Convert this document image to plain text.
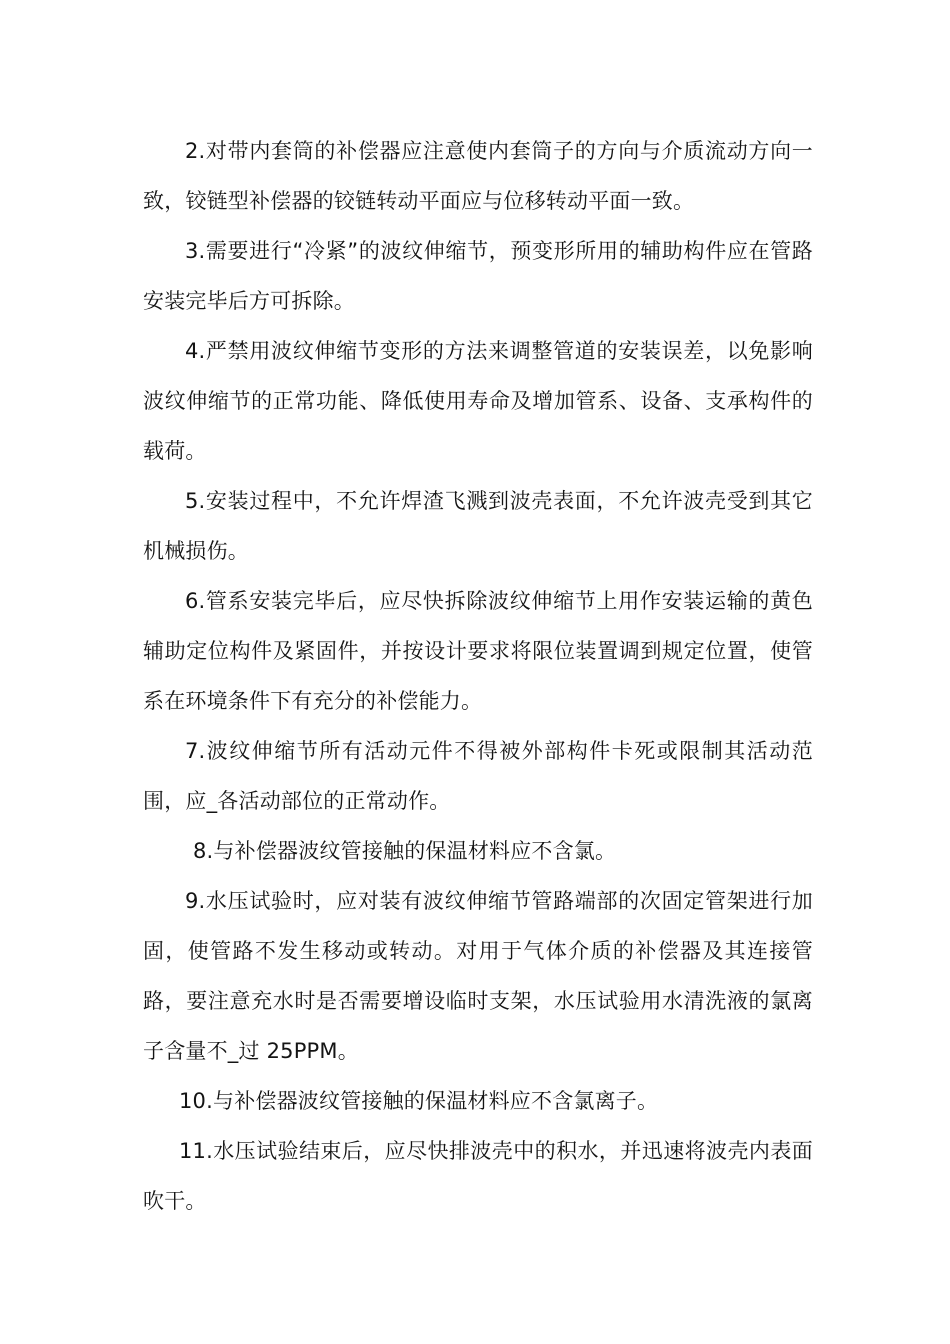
2.对带内套筒的补偿器应注意使内套筒子的方向与介质流动方向一致，铰链型补偿器的铰链转动平面应与位移转动平面一致。

3.需要进行“冷紧”的波纹伸缩节，预变形所用的辅助构件应在管路安装完毕后方可拆除。

4.严禁用波纹伸缩节变形的方法来调整管道的安装误差，以免影响波纹伸缩节的正常功能、降低使用寿命及增加管系、设备、支承构件的载荷。

5.安装过程中，不允许焊渣飞溅到波壳表面，不允许波壳受到其它机械损伤。

6.管系安装完毕后，应尽快拆除波纹伸缩节上用作安装运输的黄色辅助定位构件及紧固件，并按设计要求将限位装置调到规定位置，使管系在环境条件下有充分的补偿能力。

7.波纹伸缩节所有活动元件不得被外部构件卡死或限制其活动范围，应_各活动部位的正常动作。

8.与补偿器波纹管接触的保温材料应不含氯。

9.水压试验时，应对装有波纹伸缩节管路端部的次固定管架进行加固，使管路不发生移动或转动。对用于气体介质的补偿器及其连接管路，要注意充水时是否需要增设临时支架，水压试验用水清洗液的氯离子含量不_过 25PPM。

10.与补偿器波纹管接触的保温材料应不含氯离子。

11.水压试验结束后，应尽快排波壳中的积水，并迅速将波壳内表面吹干。
